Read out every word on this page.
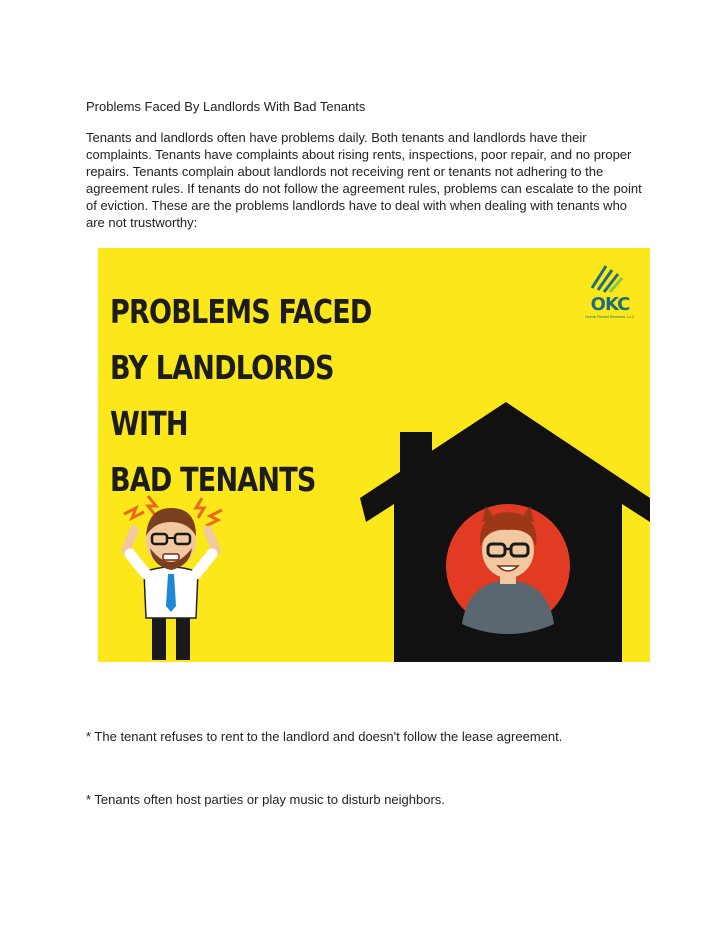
Problems Faced By Landlords With Bad Tenants
Tenants and landlords often have problems daily. Both tenants and landlords have their complaints. Tenants have complaints about rising rents, inspections, poor repair, and no proper repairs. Tenants complain about landlords not receiving rent or tenants not adhering to the agreement rules. If tenants do not follow the agreement rules, problems can escalate to the point of eviction. These are the problems landlords have to deal with when dealing with tenants who are not trustworthy:
PROBLEMS FACED
BY LANDLORDS
WITH
BAD TENANTS
OKC
Home Rental Services, LLC
* The tenant refuses to rent to the landlord and doesn't follow the lease agreement.
* Tenants often host parties or play music to disturb neighbors.
